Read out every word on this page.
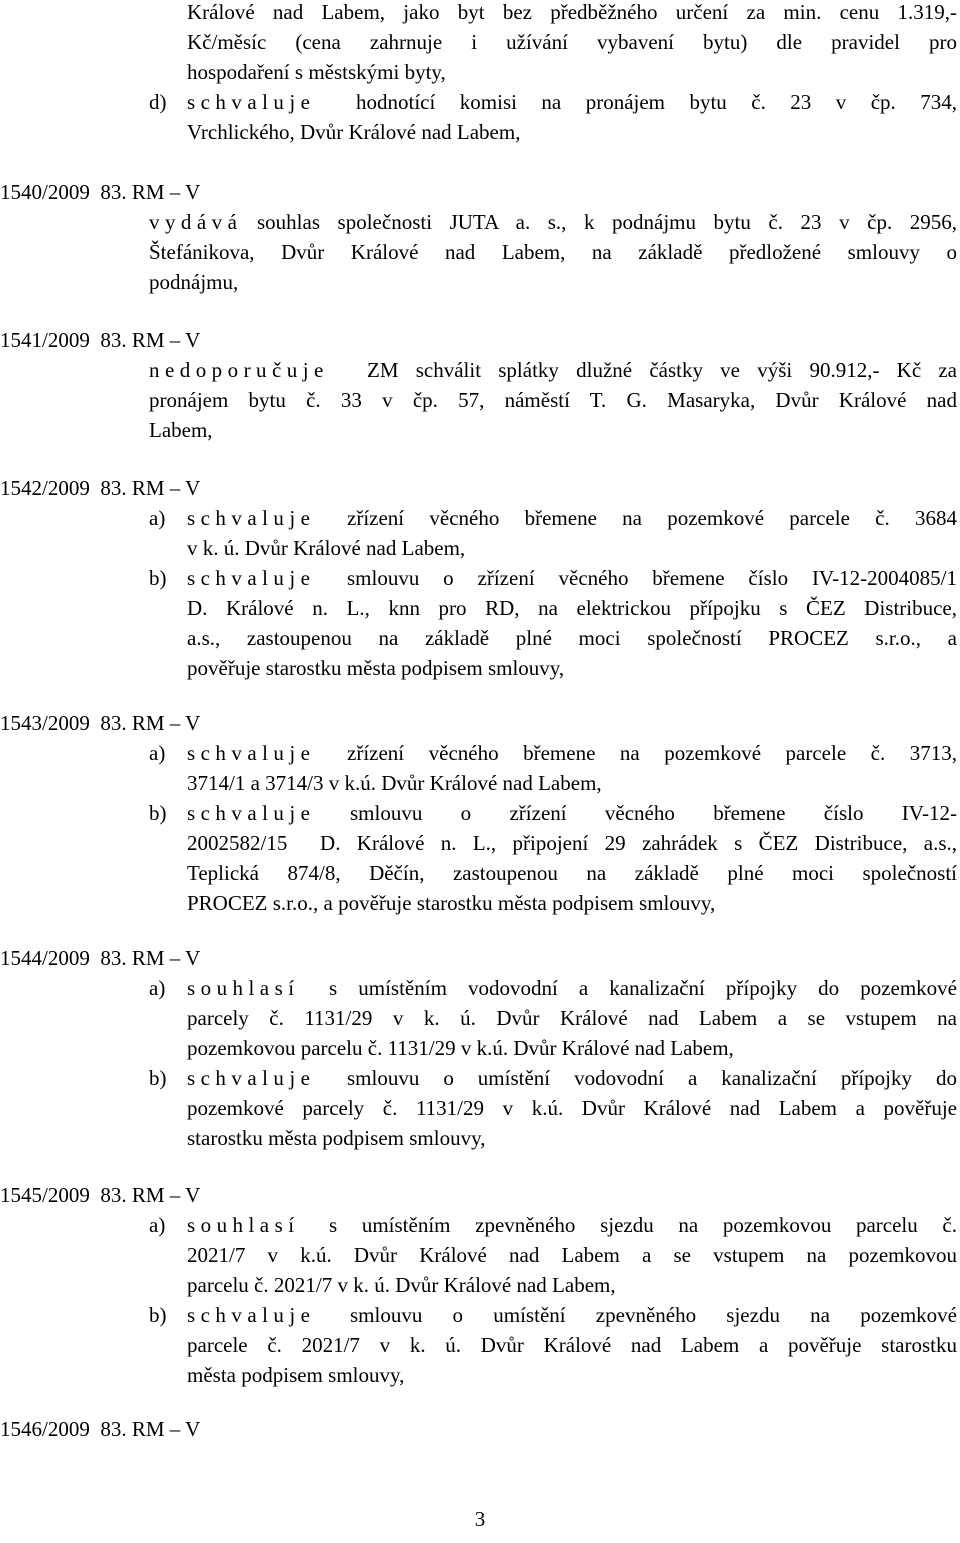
Králové nad Labem, jako byt bez předběžného určení za min. cenu 1.319,-

Kč/měsíc (cena zahrnuje i užívání vybavení bytu) dle pravidel pro

hospodaření s městskými byty,

d) schvaluje hodnotící komisi na pronájem bytu č. 23 v čp. 734,

Vrchlického, Dvůr Králové nad Labem,

1540/2009  83. RM – V

vydává souhlas společnosti JUTA a. s., k podnájmu bytu č. 23 v čp. 2956,

Štefánikova, Dvůr Králové nad Labem, na základě předložené smlouvy o

podnájmu,

1541/2009  83. RM – V

nedoporučuje ZM schválit splátky dlužné částky ve výši 90.912,- Kč za

pronájem bytu č. 33 v čp. 57, náměstí T. G. Masaryka, Dvůr Králové nad

Labem,

1542/2009  83. RM – V

a) schvaluje zřízení věcného břemene na pozemkové parcele č. 3684

v k. ú. Dvůr Králové nad Labem,

b) schvaluje smlouvu o zřízení věcného břemene číslo IV-12-2004085/1

D. Králové n. L., knn pro RD, na elektrickou přípojku s ČEZ Distribuce,

a.s., zastoupenou na základě plné moci společností PROCEZ s.r.o., a

pověřuje starostku města podpisem smlouvy,

1543/2009  83. RM – V

a) schvaluje zřízení věcného břemene na pozemkové parcele č. 3713,

3714/1 a 3714/3 v k.ú. Dvůr Králové nad Labem,

b) schvaluje smlouvu o zřízení věcného břemene číslo IV-12-

2002582/15  D. Králové n. L., připojení 29 zahrádek s ČEZ Distribuce, a.s.,

Teplická 874/8, Děčín, zastoupenou na základě plné moci společností

PROCEZ s.r.o., a pověřuje starostku města podpisem smlouvy,

1544/2009  83. RM – V

a) souhlasí s umístěním vodovodní a kanalizační přípojky do pozemkové

parcely č. 1131/29 v k. ú. Dvůr Králové nad Labem a se vstupem na

pozemkovou parcelu č. 1131/29 v k.ú. Dvůr Králové nad Labem,

b) schvaluje smlouvu o umístění vodovodní a kanalizační přípojky do

pozemkové parcely č. 1131/29 v k.ú. Dvůr Králové nad Labem a pověřuje

starostku města podpisem smlouvy,

1545/2009  83. RM – V

a) souhlasí s umístěním zpevněného sjezdu na pozemkovou parcelu č.

2021/7 v k.ú. Dvůr Králové nad Labem a se vstupem na pozemkovou

parcelu č. 2021/7 v k. ú. Dvůr Králové nad Labem,

b) schvaluje smlouvu o umístění zpevněného sjezdu na pozemkové

parcele č. 2021/7 v k. ú. Dvůr Králové nad Labem a pověřuje starostku

města podpisem smlouvy,

1546/2009  83. RM – V

3
